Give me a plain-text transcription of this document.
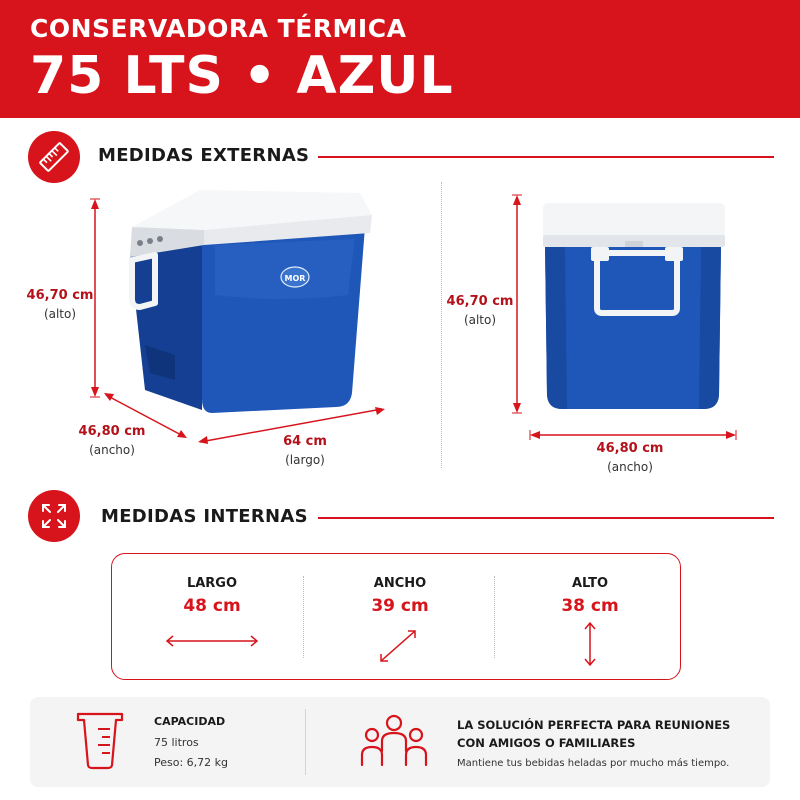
CONSERVADORA TÉRMICA
75 LTS • AZUL
MEDIDAS EXTERNAS
MOR
46,70 cm
(alto)
46,80 cm
(ancho)
64 cm
(largo)
46,70 cm
(alto)
46,80 cm
(ancho)
MEDIDAS INTERNAS
LARGO
48 cm
ANCHO
39 cm
ALTO
38 cm
CAPACIDAD
75 litros
Peso: 6,72 kg
LA SOLUCIÓN PERFECTA PARA REUNIONES CON AMIGOS O FAMILIARES
Mantiene tus bebidas heladas por mucho más tiempo.
